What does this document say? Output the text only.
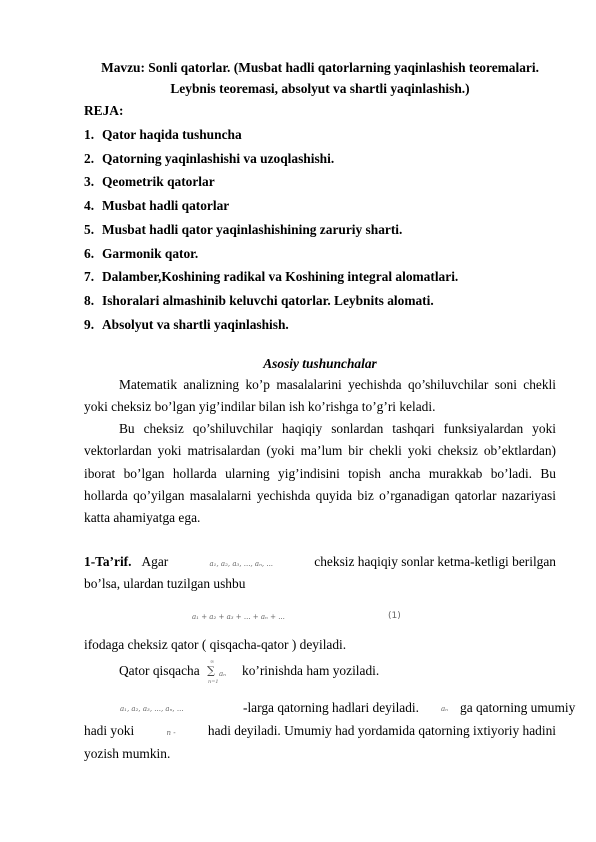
Mavzu: Sonli qatorlar. (Musbat hadli qatorlarning yaqinlashish teoremalari.
Leybnis teoremasi, absolyut va shartli yaqinlashish.)
REJA:
1. Qator haqida tushuncha
2. Qatorning yaqinlashishi va uzoqlashishi.
3. Qeometrik qatorlar
4. Musbat hadli qatorlar
5. Musbat hadli qator yaqinlashishining zaruriy sharti.
6. Garmonik qator.
7. Dalamber,Koshining radikal va Koshining integral alomatlari.
8. Ishoralari almashinib keluvchi qatorlar. Leybnits alomati.
9. Absolyut va shartli yaqinlashish.
Asosiy tushunchalar
Matematik analizning ko’p masalalarini yechishda qo’shiluvchilar soni chekli yoki cheksiz bo’lgan yig’indilar bilan ish ko’rishga to’g’ri keladi.
Bu cheksiz qo’shiluvchilar haqiqiy sonlardan tashqari funksiyalardan yoki vektorlardan yoki matrisalardan (yoki ma’lum bir chekli yoki cheksiz ob’ektlardan) iborat bo’lgan hollarda ularning yig’indisini topish ancha murakkab bo’ladi. Bu hollarda qo’yilgan masalalarni yechishda quyida biz o’rganadigan qatorlar nazariyasi katta ahamiyatga ega.
1-Ta’rif. Agar	a₁, a₂, a₃, ..., aₙ, ...	cheksiz haqiqiy sonlar ketma-ketligi berilgan
bo’lsa, ulardan tuzilgan ushbu
a₁ + a₂ + a₃ + ... + aₙ + ...	(1)
ifodaga cheksiz qator ( qisqacha-qator ) deyiladi.
Qator qisqacha
∞
∑ aₙ
n=1
ko’rinishda ham yoziladi.
a₁, a₂, a₃, ..., aₙ, ...	-larga qatorning hadlari deyiladi.	aₙ ga qatorning umumiy
hadi yoki	n - hadi deyiladi. Umumiy had yordamida qatorning ixtiyoriy hadini
yozish mumkin.
